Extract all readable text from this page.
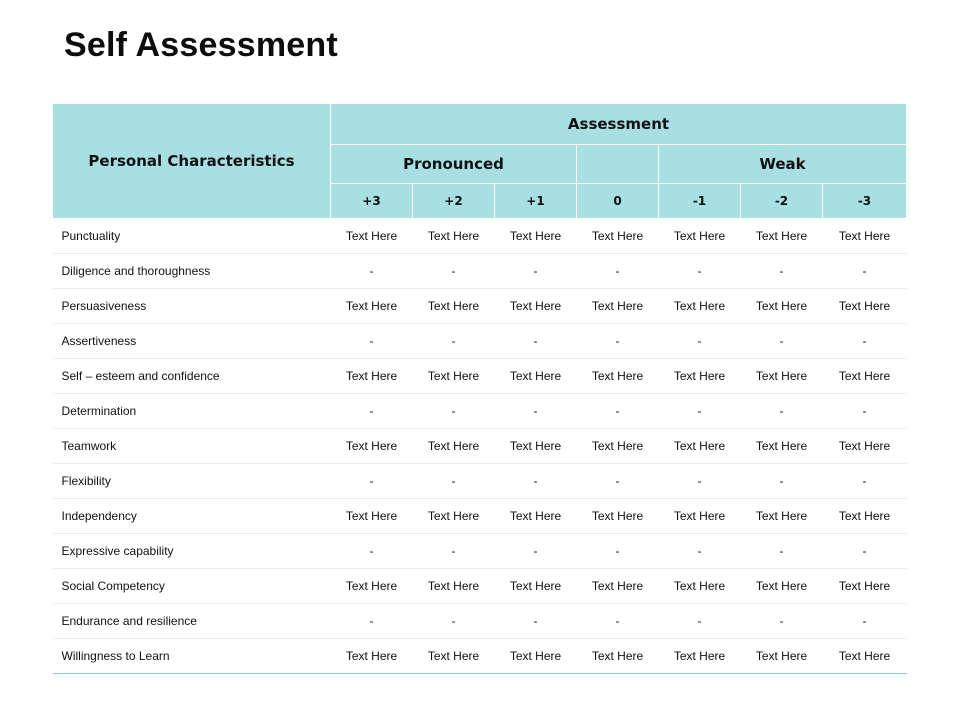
Self Assessment
Personal Characteristics	Assessment						
	Pronounced				Weak		
	+3	+2	+1	0	-1	-2	-3
Punctuality	Text Here	Text Here	Text Here	Text Here	Text Here	Text Here	Text Here
Diligence and thoroughness	-	-	-	-	-	-	-
Persuasiveness	Text Here	Text Here	Text Here	Text Here	Text Here	Text Here	Text Here
Assertiveness	-	-	-	-	-	-	-
Self – esteem and confidence	Text Here	Text Here	Text Here	Text Here	Text Here	Text Here	Text Here
Determination	-	-	-	-	-	-	-
Teamwork	Text Here	Text Here	Text Here	Text Here	Text Here	Text Here	Text Here
Flexibility	-	-	-	-	-	-	-
Independency	Text Here	Text Here	Text Here	Text Here	Text Here	Text Here	Text Here
Expressive capability	-	-	-	-	-	-	-
Social Competency	Text Here	Text Here	Text Here	Text Here	Text Here	Text Here	Text Here
Endurance and resilience	-	-	-	-	-	-	-
Willingness to Learn	Text Here	Text Here	Text Here	Text Here	Text Here	Text Here	Text Here
